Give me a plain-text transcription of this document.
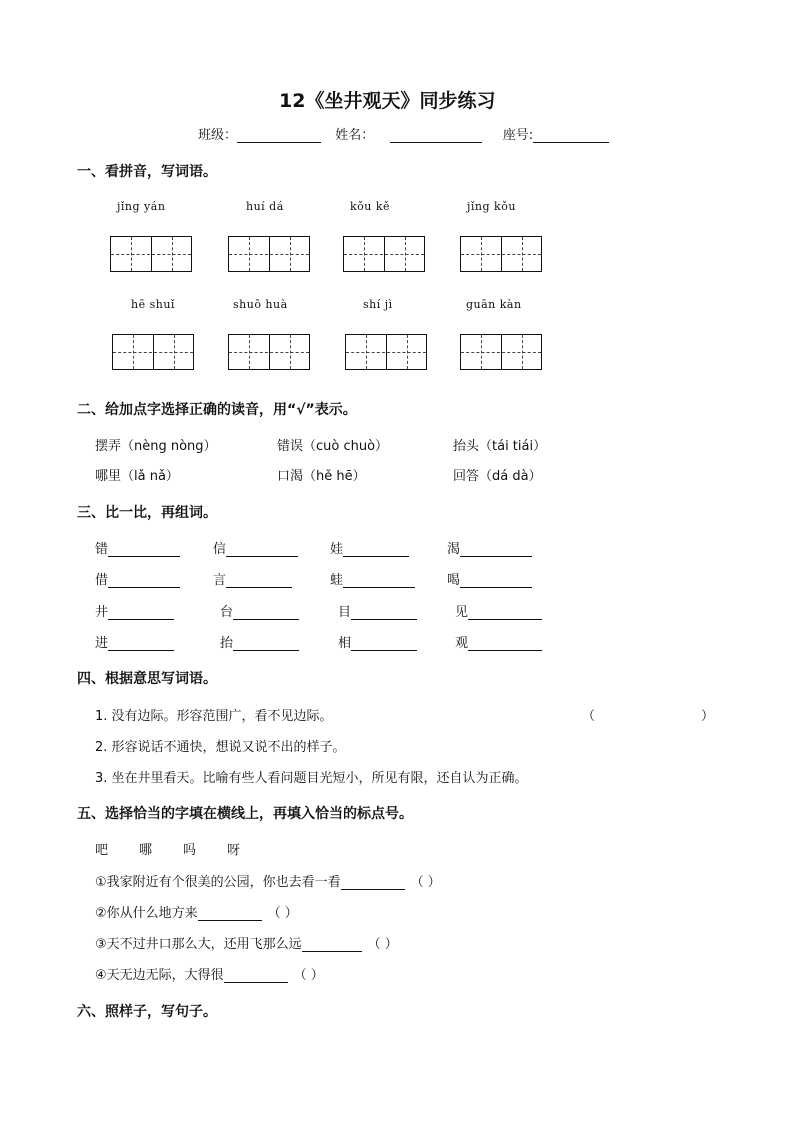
12《坐井观天》同步练习
班级：	姓名：	座号:
一、看拼音，写词语。
jǐng yán	huí dá	kǒu kě	jǐng kǒu
hē shuǐ	shuō huà	shí jì	guān kàn
二、给加点字选择正确的读音，用“√”表示。
摆弄（nèng nòng）	错误（cuò chuò）	抬头（tái tiái）
哪里（lǎ nǎ）	口渴（hě hē）	回答（dá dà）
三、比一比，再组词。
错	信	娃	渴
借	言	蛙	喝
井	台	目	见
进	抬	相	观
四、根据意思写词语。
1. 没有边际。形容范围广，看不见边际。	（	）
2. 形容说话不通快，想说又说不出的样子。
3. 坐在井里看天。比喻有些人看问题目光短小，所见有限，还自认为正确。
五、选择恰当的字填在横线上，再填入恰当的标点号。
吧 哪 吗 呀
①我家附近有个很美的公园，你也去看一看	（ ）
②你从什么地方来	（ ）
③天不过井口那么大，还用飞那么远	（ ）
④天无边无际，大得很	（ ）
六、照样子，写句子。
